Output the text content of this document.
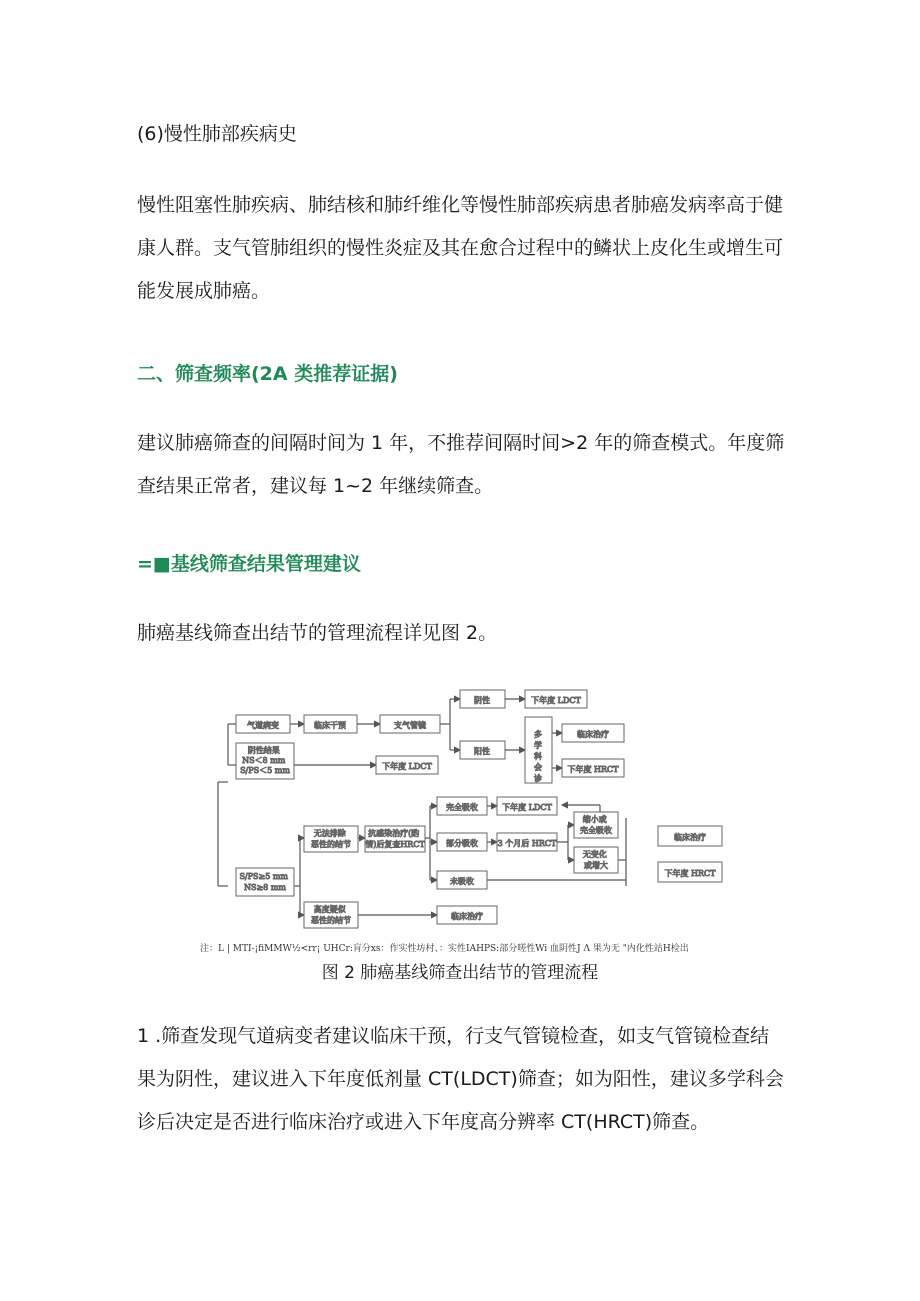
(6)慢性肺部疾病史

慢性阻塞性肺疾病、肺结核和肺纤维化等慢性肺部疾病患者肺癌发病率高于健康人群。支气管肺组织的慢性炎症及其在愈合过程中的鳞状上皮化生或增生可能发展成肺癌。

二、筛查频率(2A 类推荐证据)

建议肺癌筛查的间隔时间为 1 年，不推荐间隔时间>2 年的筛查模式。年度筛查结果正常者，建议每 1~2 年继续筛查。

=■基线筛查结果管理建议

肺癌基线筛查出结节的管理流程详见图 2。

气道病变	临床干预	支气管镜
阴性	下年度 LDCT
阳性
多学科会诊
临床治疗
下年度 HRCT
阴性结果 NS＜8 mm S/PS＜5 mm	下年度 LDCT
S/PS≥5 mm NS≥8 mm
无法排除 恶性的结节
抗感染治疗(酌 情)后复查HRCT
完全吸收	下年度 LDCT
部分吸收 3 个月后 HRCT
缩小或 完全吸收
无变化 或增大
未吸收
高度疑似 恶性的结节	临床治疗
临床治疗
下年度 HRCT
注：L | MTI-¡fiMMW½<rr¡ UHCr:肓分xs：作实性坊村、：实性IAHPS:部分嗟性Wi 血阴性J Λ 果为无 "内化性站H检出
图 2 肺癌基线筛查出结节的管理流程

1 .筛查发现气道病变者建议临床干预，行支气管镜检查，如支气管镜检查结果为阴性，建议进入下年度低剂量 CT(LDCT)筛查；如为阳性，建议多学科会诊后决定是否进行临床治疗或进入下年度高分辨率 CT(HRCT)筛查。
